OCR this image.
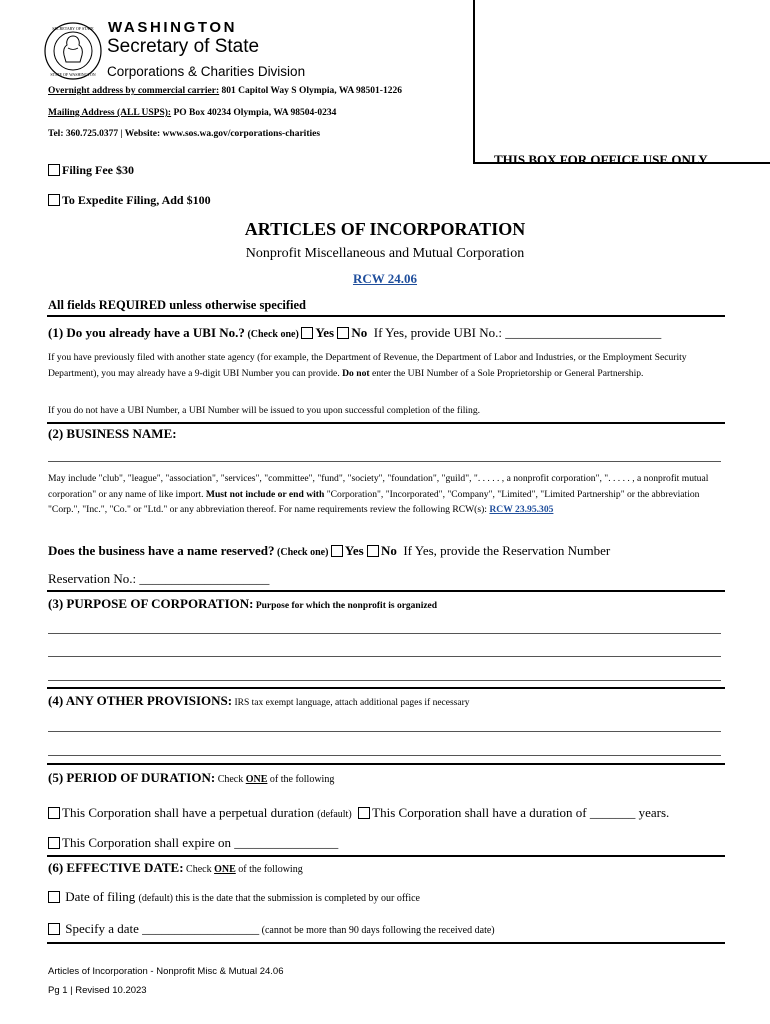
SECRETARY OF STATE
STATE OF WASHINGTON
WASHINGTON
Secretary of State
Corporations & Charities Division
Overnight address by commercial carrier: 801 Capitol Way S Olympia, WA 98501-1226
Mailing Address (ALL USPS): PO Box 40234 Olympia, WA 98504-0234
Tel: 360.725.0377 | Website: www.sos.wa.gov/corporations-charities
THIS BOX FOR OFFICE USE ONLY
Filing Fee $30
To Expedite Filing, Add $100
ARTICLES OF INCORPORATION
Nonprofit Miscellaneous and Mutual Corporation
RCW 24.06
All fields REQUIRED unless otherwise specified
(1) Do you already have a UBI No.? (Check one) Yes No If Yes, provide UBI No.: ________________________
If you have previously filed with another state agency (for example, the Department of Revenue, the Department of Labor and Industries, or the Employment Security Department), you may already have a 9-digit UBI Number you can provide. Do not enter the UBI Number of a Sole Proprietorship or General Partnership.
If you do not have a UBI Number, a UBI Number will be issued to you upon successful completion of the filing.
(2) BUSINESS NAME:
May include "club", "league", "association", "services", "committee", "fund", "society", "foundation", "guild", ". . . . . , a nonprofit corporation", ". . . . . , a nonprofit mutual corporation" or any name of like import. Must not include or end with "Corporation", "Incorporated", "Company", "Limited", "Limited Partnership" or the abbreviation "Corp.", "Inc.", "Co." or "Ltd." or any abbreviation thereof. For name requirements review the following RCW(s): RCW 23.95.305
Does the business have a name reserved? (Check one) Yes No If Yes, provide the Reservation Number
Reservation No.: ____________________
(3) PURPOSE OF CORPORATION: Purpose for which the nonprofit is organized
(4) ANY OTHER PROVISIONS: IRS tax exempt language, attach additional pages if necessary
(5) PERIOD OF DURATION: Check ONE of the following
This Corporation shall have a perpetual duration (default) This Corporation shall have a duration of _______ years.
This Corporation shall expire on ________________
(6) EFFECTIVE DATE: Check ONE of the following
Date of filing (default) this is the date that the submission is completed by our office
Specify a date __________________ (cannot be more than 90 days following the received date)
Articles of Incorporation - Nonprofit Misc & Mutual 24.06
Pg 1 | Revised 10.2023
